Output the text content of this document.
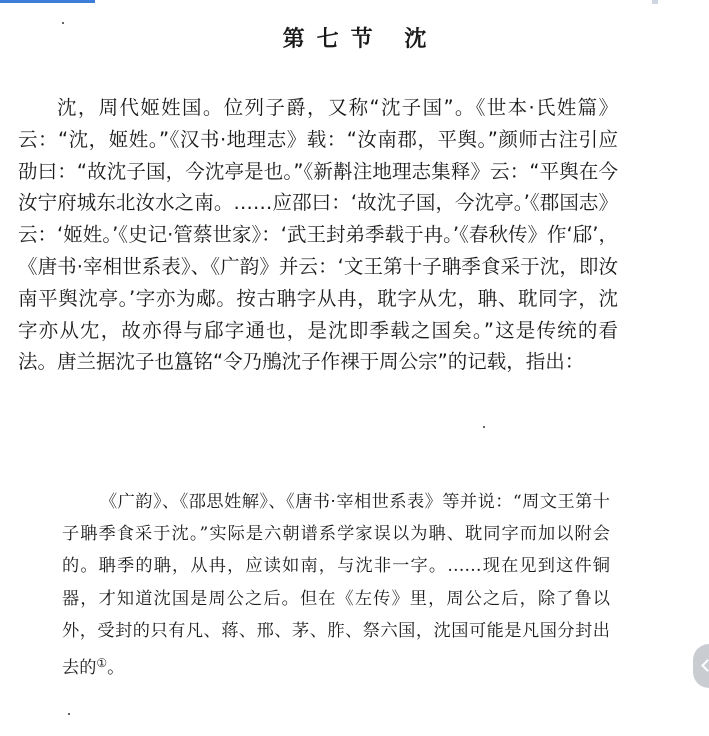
第七节 沈

沈，周代姬姓国。位列子爵，又称“沈子国”。《世本·氏姓篇》云：“沈，姬姓。”《汉书·地理志》载：“汝南郡，平舆。”颜师古注引应劭曰：“故沈子国，今沈亭是也。”《新斠注地理志集释》云：“平舆在今汝宁府城东北汝水之南。……应邵曰：‘故沈子国，今沈亭。’《郡国志》云：‘姬姓。’《史记·管蔡世家》：‘武王封弟季载于冉。’《春秋传》作‘郈’，《唐书·宰相世系表》、《广韵》并云：‘文王第十子聃季食采于沈，即汝南平舆沈亭。’字亦为郕。按古聃字从冉，耽字从冘，聃、耽同字，沈字亦从冘，故亦得与郈字通也，是沈即季载之国矣。”这是传统的看法。唐兰据沈子也簋铭“令乃鴅沈子作裸于周公宗”的记载，指出：

《广韵》、《邵思姓解》、《唐书·宰相世系表》等并说：“周文王第十子聃季食采于沈。”实际是六朝谱系学家误以为聃、耽同字而加以附会的。聃季的聃，从冉，应读如南，与沈非一字。……现在见到这件铜器，才知道沈国是周公之后。但在《左传》里，周公之后，除了鲁以外，受封的只有凡、蒋、邢、茅、胙、祭六国，沈国可能是凡国分封出去的①。
